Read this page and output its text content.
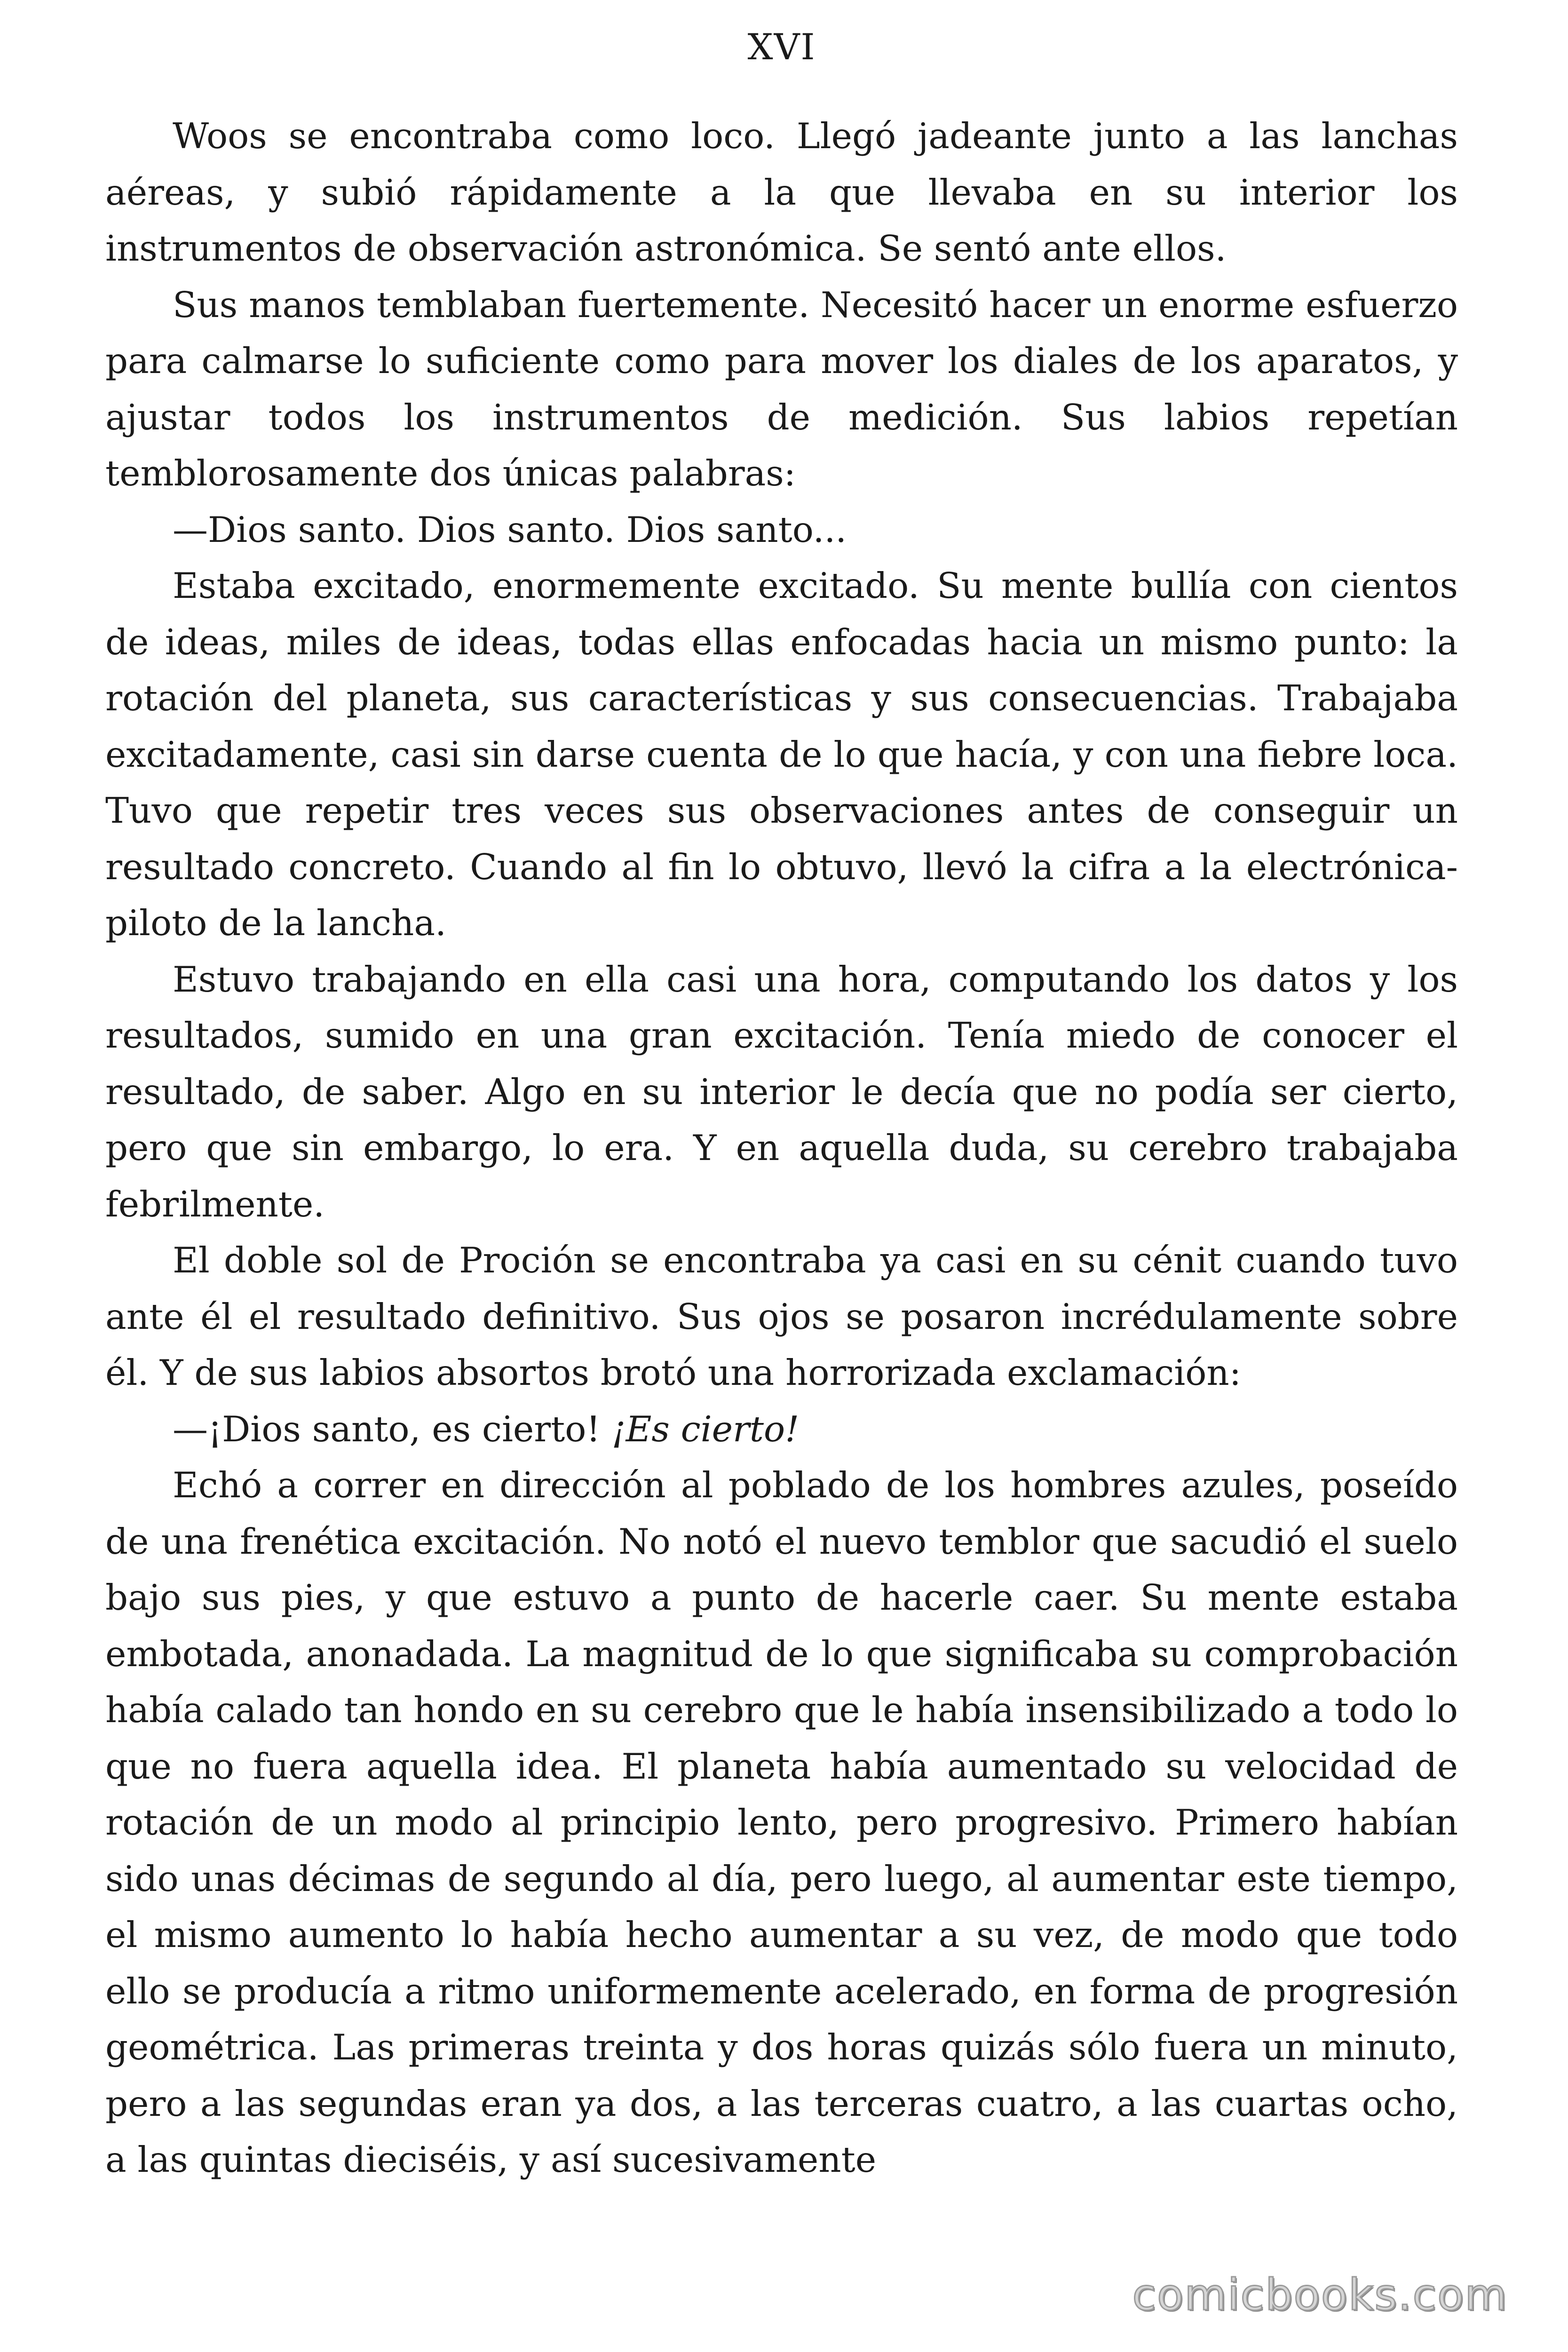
XVI

Woos se encontraba como loco. Llegó jadeante junto a las lanchas aéreas, y subió rápidamente a la que llevaba en su interior los instrumentos de observación astronómica. Se sentó ante ellos.

Sus manos temblaban fuertemente. Necesitó hacer un enorme esfuerzo para calmarse lo suficiente como para mover los diales de los aparatos, y ajustar todos los instrumentos de medición. Sus labios repetían temblorosamente dos únicas palabras:

—Dios santo. Dios santo. Dios santo...

Estaba excitado, enormemente excitado. Su mente bullía con cientos de ideas, miles de ideas, todas ellas enfocadas hacia un mismo punto: la rotación del planeta, sus características y sus consecuencias. Trabajaba excitadamente, casi sin darse cuenta de lo que hacía, y con una fiebre loca. Tuvo que repetir tres veces sus observaciones antes de conseguir un resultado concreto. Cuando al fin lo obtuvo, llevó la cifra a la electrónica-piloto de la lancha.

Estuvo trabajando en ella casi una hora, computando los datos y los resultados, sumido en una gran excitación. Tenía miedo de conocer el resultado, de saber. Algo en su interior le decía que no podía ser cierto, pero que sin embargo, lo era. Y en aquella duda, su cerebro trabajaba febrilmente.

El doble sol de Proción se encontraba ya casi en su cénit cuando tuvo ante él el resultado definitivo. Sus ojos se posaron incrédulamente sobre él. Y de sus labios absortos brotó una horrorizada exclamación:

—¡Dios santo, es cierto! ¡Es cierto!

Echó a correr en dirección al poblado de los hombres azules, poseído de una frenética excitación. No notó el nuevo temblor que sacudió el suelo bajo sus pies, y que estuvo a punto de hacerle caer. Su mente estaba embotada, anonadada. La magnitud de lo que significaba su comprobación había calado tan hondo en su cerebro que le había insensibilizado a todo lo que no fuera aquella idea. El planeta había aumentado su velocidad de rotación de un modo al principio lento, pero progresivo. Primero habían sido unas décimas de segundo al día, pero luego, al aumentar este tiempo, el mismo aumento lo había hecho aumentar a su vez, de modo que todo ello se producía a ritmo uniformemente acelerado, en forma de progresión geométrica. Las primeras treinta y dos horas quizás sólo fuera un minuto, pero a las segundas eran ya dos, a las terceras cuatro, a las cuartas ocho, a las quintas dieciséis, y así sucesivamente

comicbooks.com
